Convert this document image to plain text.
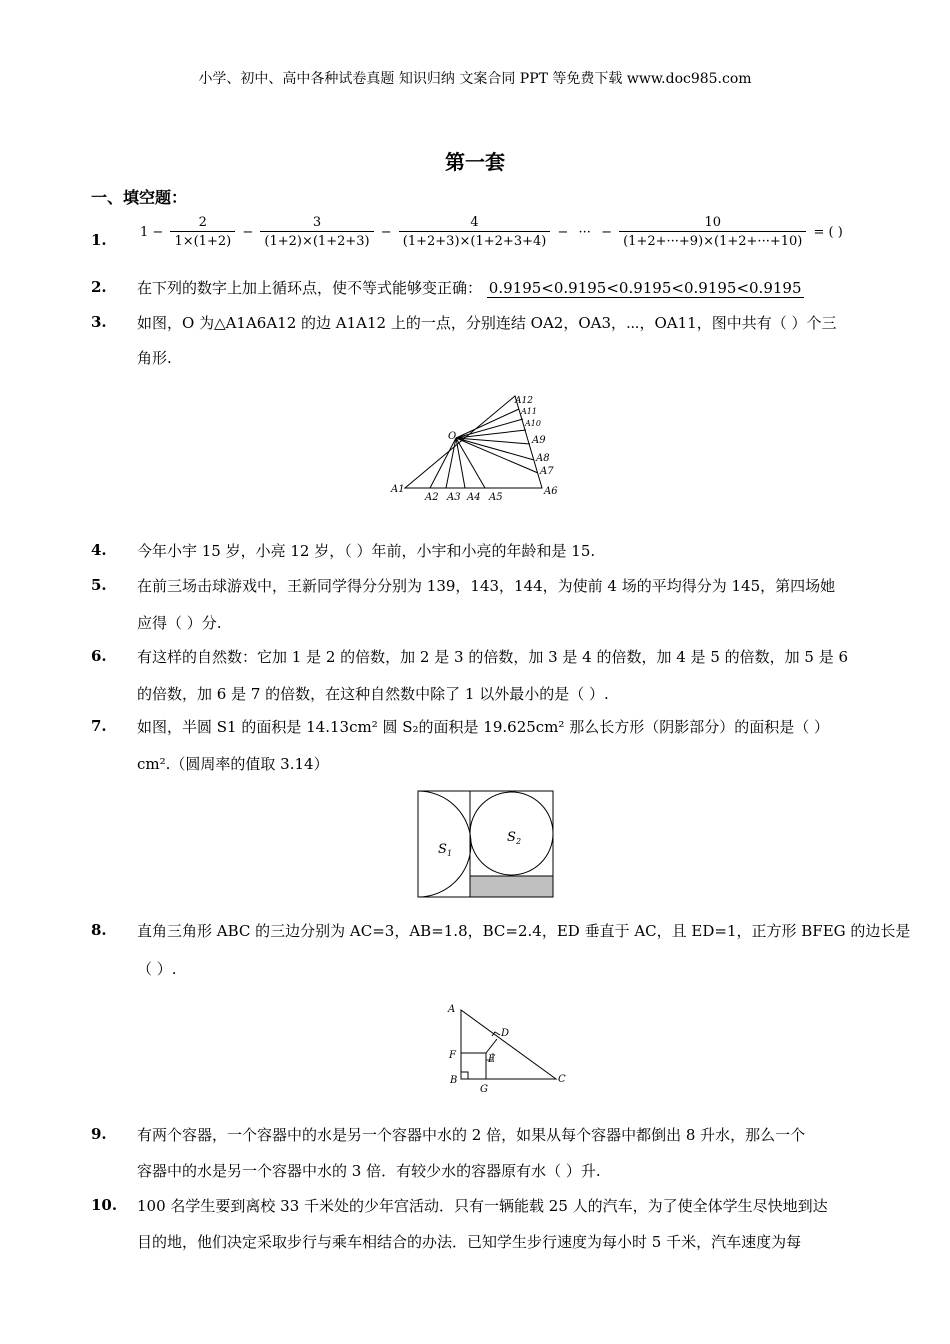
小学、初中、高中各种试卷真题 知识归纳 文案合同 PPT 等免费下载 www.doc985.com
第一套
一、填空题：
1.	$1 - \frac{2}{1\times(1+2)} - \frac{3}{(1+2)\times(1+2+3)} - \frac{4}{(1+2+3)\times(1+2+3+4)}$ − ··· − $\frac{10}{(1+2+\cdot\cdot\cdot+9)\times(1+2+\cdot\cdot\cdot+10)}$ = ( )
2. 在下列的数字上加上循环点，使不等式能够变正确： 0.9195<0.9195<0.9195<0.9195<0.9195
3. 如图，O 为△A1A6A12 的边 A1A12 上的一点，分别连结 OA2，OA3，⋯，OA11，图中共有（ ）个三
角形.
O
A1
A2 A3 A4 A5
A6
A7
A8
A9
A10
A11
A12
4. 今年小宇 15 岁，小亮 12 岁，（ ）年前，小宇和小亮的年龄和是 15.
5. 在前三场击球游戏中，王新同学得分分别为 139，143，144，为使前 4 场的平均得分为 145，第四场她
应得（ ）分.
6. 有这样的自然数：它加 1 是 2 的倍数，加 2 是 3 的倍数，加 3 是 4 的倍数，加 4 是 5 的倍数，加 5 是 6
的倍数，加 6 是 7 的倍数，在这种自然数中除了 1 以外最小的是（ ）.
7. 如图，半圆 S1 的面积是 14.13cm² 圆 S₂的面积是 19.625cm² 那么长方形（阴影部分）的面积是（ ）
cm².（圆周率的值取 3.14）
S 1
S 2
8. 直角三角形 ABC 的三边分别为 AC=3，AB=1.8，BC=2.4，ED 垂直于 AC，且 ED=1，正方形 BFEG 的边长是
（ ）.
A
B	C
D
E
F
G
9. 有两个容器，一个容器中的水是另一个容器中水的 2 倍，如果从每个容器中都倒出 8 升水，那么一个
容器中的水是另一个容器中水的 3 倍．有较少水的容器原有水（ ）升.
10. 100 名学生要到离校 33 千米处的少年宫活动．只有一辆能载 25 人的汽车，为了使全体学生尽快地到达
目的地，他们决定采取步行与乘车相结合的办法．已知学生步行速度为每小时 5 千米，汽车速度为每
